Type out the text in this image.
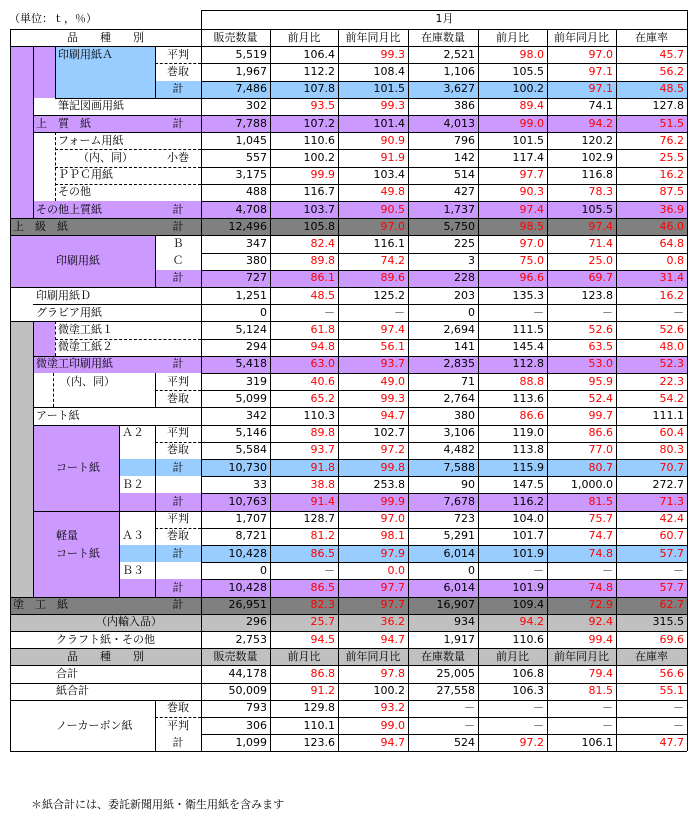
（単位：ｔ，％）	1月
品　　種　　別	販売数量	前月比	前年同月比	在庫数量	前月比	前年同月比	在庫率
印刷用紙Ａ	平判	5,519	106.4	99.3	2,521	98.0	97.0	45.7
巻取	1,967	112.2	108.4	1,106	105.5	97.1	56.2
計	7,486	107.8	101.5	3,627	100.2	97.1	48.5
筆記図画用紙	302	93.5	99.3	386	89.4	74.1	127.8
上　質　紙	計	7,788	107.2	101.4	4,013	99.0	94.2	51.5
フォーム用紙	1,045	110.6	90.9	796	101.5	120.2	76.2
（内、同）	小巻	557	100.2	91.9	142	117.4	102.9	25.5
ＰＰＣ用紙	3,175	99.9	103.4	514	97.7	116.8	16.2
その他	488	116.7	49.8	427	90.3	78.3	87.5
その他上質紙	計	4,708	103.7	90.5	1,737	97.4	105.5	36.9
上　級　紙	計	12,496	105.8	97.0	5,750	98.5	97.4	46.0
Ｂ	347	82.4	116.1	225	97.0	71.4	64.8
印刷用紙	Ｃ	380	89.8	74.2	3	75.0	25.0	0.8
計	727	86.1	89.6	228	96.6	69.7	31.4
印刷用紙Ｄ	1,251	48.5	125.2	203	135.3	123.8	16.2
グラビア用紙	0	－	－	0	－	－	－
微塗工紙１	5,124	61.8	97.4	2,694	111.5	52.6	52.6
微塗工紙２	294	94.8	56.1	141	145.4	63.5	48.0
微塗工印刷用紙	計	5,418	63.0	93.7	2,835	112.8	53.0	52.3
（内、同）	平判	319	40.6	49.0	71	88.8	95.9	22.3
巻取	5,099	65.2	99.3	2,764	113.6	52.4	54.2
アート紙	342	110.3	94.7	380	86.6	99.7	111.1
Ａ２	平判	5,146	89.8	102.7	3,106	119.0	86.6	60.4
巻取	5,584	93.7	97.2	4,482	113.8	77.0	80.3
コート紙	計	10,730	91.8	99.8	7,588	115.9	80.7	70.7
Ｂ２	33	38.8	253.8	90	147.5	1,000.0	272.7
計	10,763	91.4	99.9	7,678	116.2	81.5	71.3
平判	1,707	128.7	97.0	723	104.0	75.7	42.4
軽量	Ａ３	巻取	8,721	81.2	98.1	5,291	101.7	74.7	60.7
コート紙	計	10,428	86.5	97.9	6,014	101.9	74.8	57.7
Ｂ３	0	－	0.0	0	－	－	－
計	10,428	86.5	97.7	6,014	101.9	74.8	57.7
塗　工　紙	計	26,951	82.3	97.7	16,907	109.4	72.9	62.7
（内輸入品）	296	25.7	36.2	934	94.2	92.4	315.5
クラフト紙・その他	2,753	94.5	94.7	1,917	110.6	99.4	69.6
品　　種　　別	販売数量	前月比	前年同月比	在庫数量	前月比	前年同月比	在庫率
合計	44,178	86.8	97.8	25,005	106.8	79.4	56.6
紙合計	50,009	91.2	100.2	27,558	106.3	81.5	55.1
巻取	793	129.8	93.2	－	－	－	－
ノーカーボン紙	平判	306	110.1	99.0	－	－	－	－
計	1,099	123.6	94.7	524	97.2	106.1	47.7
＊紙合計には、委託新聞用紙・衛生用紙を含みます
